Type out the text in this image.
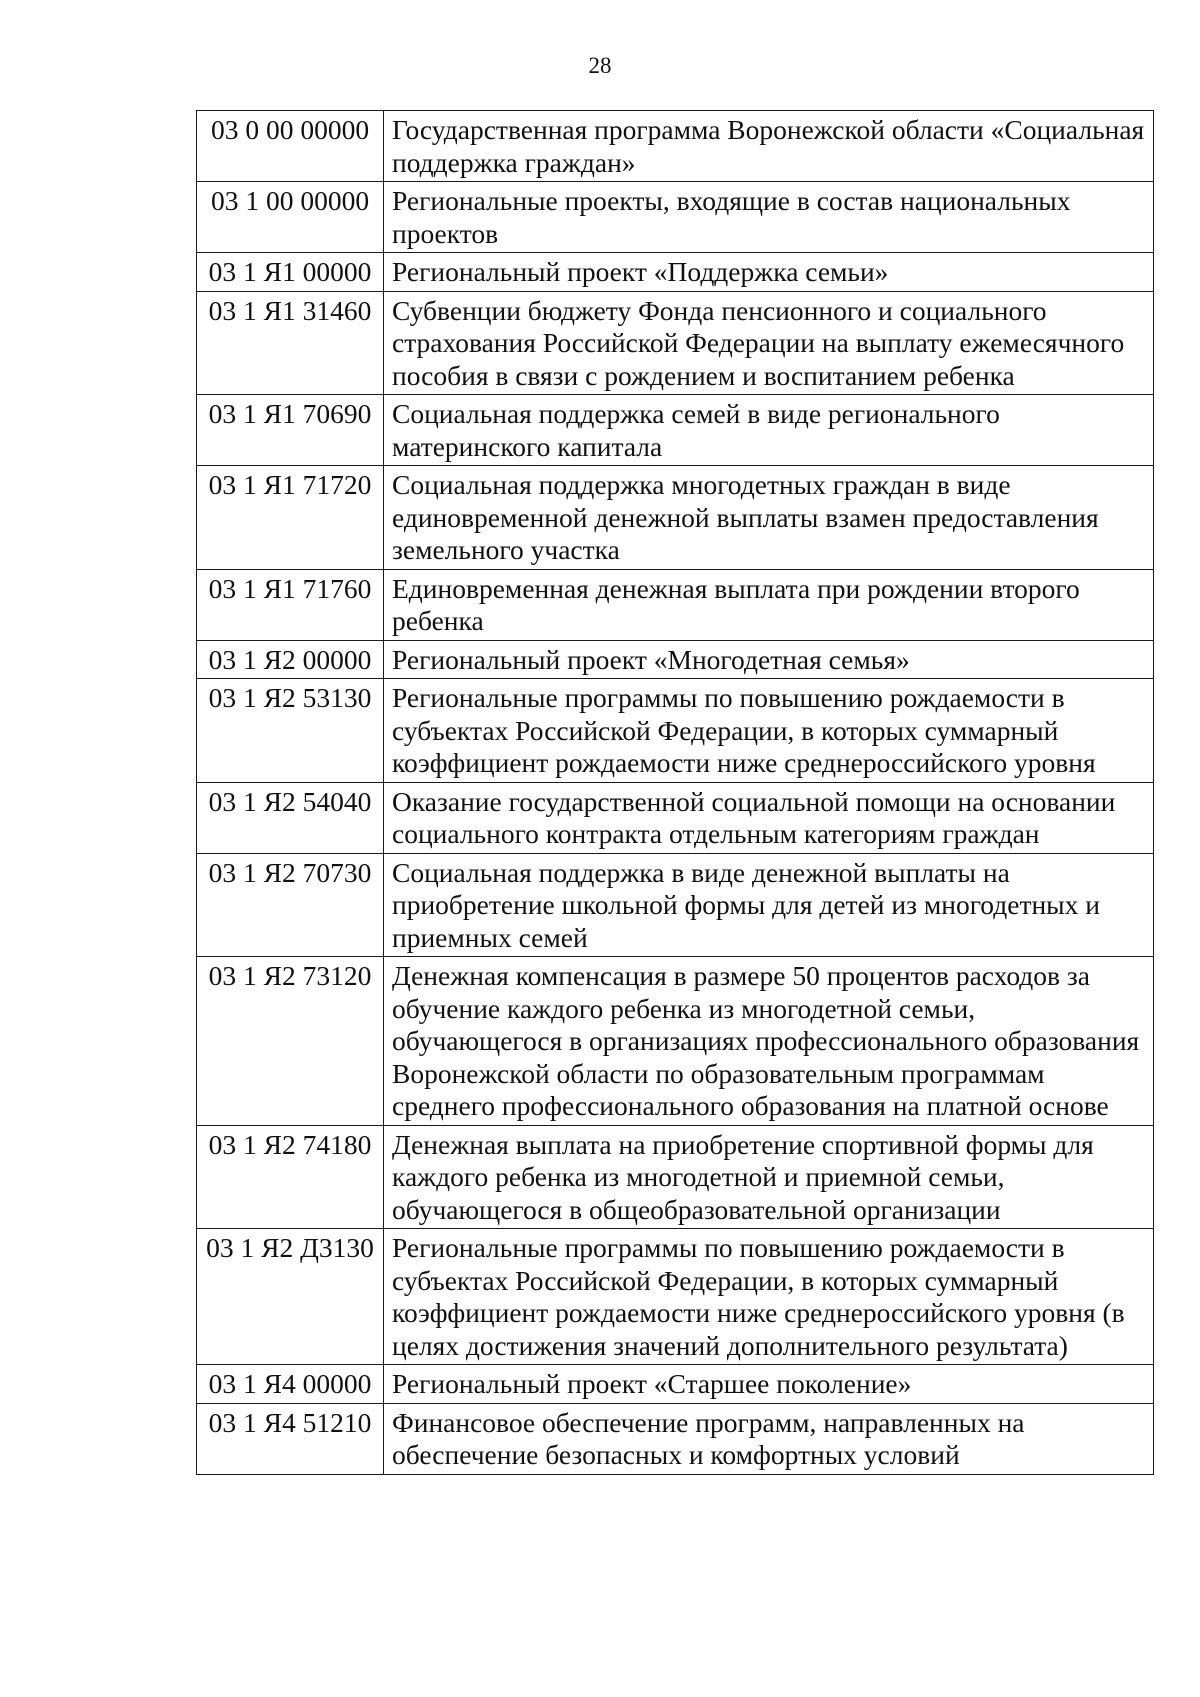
28
03 0 00 00000	Государственная программа Воронежской области «Социальная поддержка граждан»
03 1 00 00000	Региональные проекты, входящие в состав национальных проектов
03 1 Я1 00000	Региональный проект «Поддержка семьи»
03 1 Я1 31460	Субвенции бюджету Фонда пенсионного и социального страхования Российской Федерации на выплату ежемесячного пособия в связи с рождением и воспитанием ребенка
03 1 Я1 70690	Социальная поддержка семей в виде регионального материнского капитала
03 1 Я1 71720	Социальная поддержка многодетных граждан в виде единовременной денежной выплаты взамен предоставления земельного участка
03 1 Я1 71760	Единовременная денежная выплата при рождении второго ребенка
03 1 Я2 00000	Региональный проект «Многодетная семья»
03 1 Я2 53130	Региональные программы по повышению рождаемости в субъектах Российской Федерации, в которых суммарный коэффициент рождаемости ниже среднероссийского уровня
03 1 Я2 54040	Оказание государственной социальной помощи на основании социального контракта отдельным категориям граждан
03 1 Я2 70730	Социальная поддержка в виде денежной выплаты на приобретение школьной формы для детей из многодетных и приемных семей
03 1 Я2 73120	Денежная компенсация в размере 50 процентов расходов за обучение каждого ребенка из многодетной семьи, обучающегося в организациях профессионального образования Воронежской области по образовательным программам среднего профессионального образования на платной основе
03 1 Я2 74180	Денежная выплата на приобретение спортивной формы для каждого ребенка из многодетной и приемной семьи, обучающегося в общеобразовательной организации
03 1 Я2 Д3130	Региональные программы по повышению рождаемости в субъектах Российской Федерации, в которых суммарный коэффициент рождаемости ниже среднероссийского уровня (в целях достижения значений дополнительного результата)
03 1 Я4 00000	Региональный проект «Старшее поколение»
03 1 Я4 51210	Финансовое обеспечение программ, направленных на обеспечение безопасных и комфортных условий
